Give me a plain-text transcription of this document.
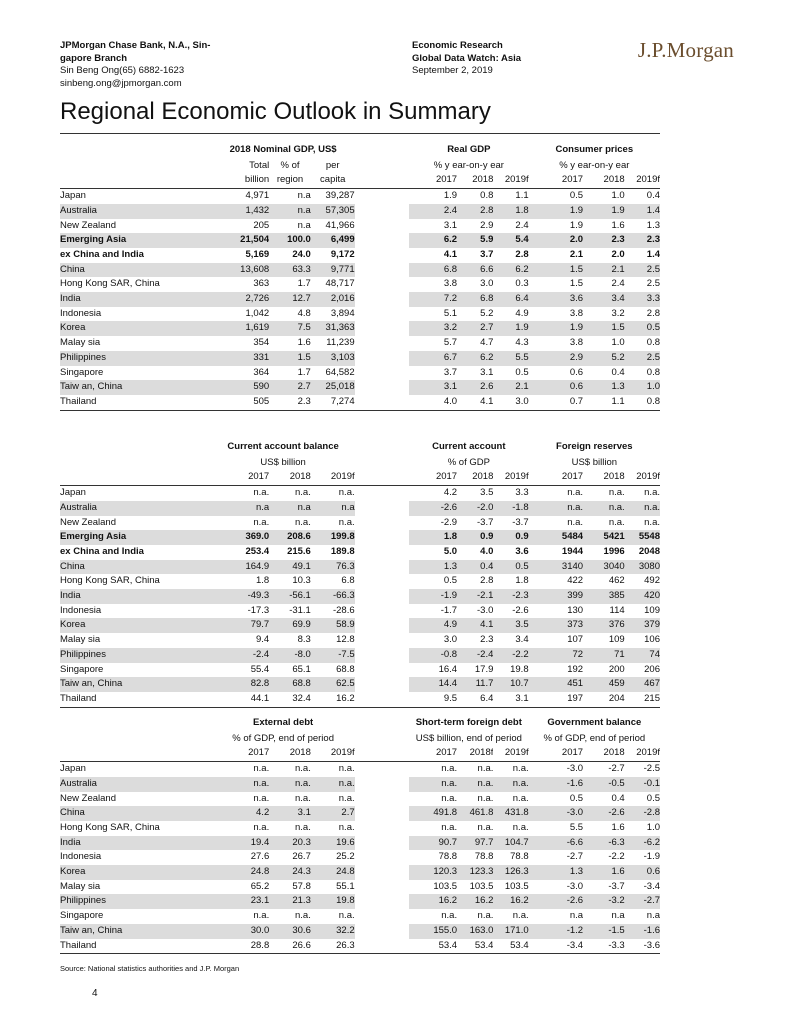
JPMorgan Chase Bank, N.A., Sin-
gapore Branch
Sin Beng Ong(65) 6882-1623
sinbeng.ong@jpmorgan.com
Economic Research
Global Data Watch: Asia
September 2, 2019
J.P.Morgan
Regional Economic Outlook in Summary
	2018 Nominal GDP, US$				Real GDP			Consumer prices		
	Total	% of	per		% y ear-on-y ear			% y ear-on-y ear		
	billion	region	capita		2017	2018	2019f	2017	2018	2019f
Japan	4,971	n.a	39,287		1.9	0.8	1.1	0.5	1.0	0.4
Australia	1,432	n.a	57,305		2.4	2.8	1.8	1.9	1.9	1.4
New Zealand	205	n.a	41,966		3.1	2.9	2.4	1.9	1.6	1.3
Emerging Asia	21,504	100.0	6,499		6.2	5.9	5.4	2.0	2.3	2.3
ex China and India	5,169	24.0	9,172		4.1	3.7	2.8	2.1	2.0	1.4
China	13,608	63.3	9,771		6.8	6.6	6.2	1.5	2.1	2.5
Hong Kong SAR, China	363	1.7	48,717		3.8	3.0	0.3	1.5	2.4	2.5
India	2,726	12.7	2,016		7.2	6.8	6.4	3.6	3.4	3.3
Indonesia	1,042	4.8	3,894		5.1	5.2	4.9	3.8	3.2	2.8
Korea	1,619	7.5	31,363		3.2	2.7	1.9	1.9	1.5	0.5
Malay sia	354	1.6	11,239		5.7	4.7	4.3	3.8	1.0	0.8
Philippines	331	1.5	3,103		6.7	6.2	5.5	2.9	5.2	2.5
Singapore	364	1.7	64,582		3.7	3.1	0.5	0.6	0.4	0.8
Taiw an, China	590	2.7	25,018		3.1	2.6	2.1	0.6	1.3	1.0
Thailand	505	2.3	7,274		4.0	4.1	3.0	0.7	1.1	0.8
	Current account balance				Current account			Foreign reserves		
	US$ billion				% of GDP			US$ billion		
	2017	2018	2019f		2017	2018	2019f	2017	2018	2019f
Japan	n.a.	n.a.	n.a.		4.2	3.5	3.3	n.a.	n.a.	n.a.
Australia	n.a	n.a	n.a		-2.6	-2.0	-1.8	n.a.	n.a.	n.a.
New Zealand	n.a.	n.a.	n.a.		-2.9	-3.7	-3.7	n.a.	n.a.	n.a.
Emerging Asia	369.0	208.6	199.8		1.8	0.9	0.9	5484	5421	5548
ex China and India	253.4	215.6	189.8		5.0	4.0	3.6	1944	1996	2048
China	164.9	49.1	76.3		1.3	0.4	0.5	3140	3040	3080
Hong Kong SAR, China	1.8	10.3	6.8		0.5	2.8	1.8	422	462	492
India	-49.3	-56.1	-66.3		-1.9	-2.1	-2.3	399	385	420
Indonesia	-17.3	-31.1	-28.6		-1.7	-3.0	-2.6	130	114	109
Korea	79.7	69.9	58.9		4.9	4.1	3.5	373	376	379
Malay sia	9.4	8.3	12.8		3.0	2.3	3.4	107	109	106
Philippines	-2.4	-8.0	-7.5		-0.8	-2.4	-2.2	72	71	74
Singapore	55.4	65.1	68.8		16.4	17.9	19.8	192	200	206
Taiw an, China	82.8	68.8	62.5		14.4	11.7	10.7	451	459	467
Thailand	44.1	32.4	16.2		9.5	6.4	3.1	197	204	215
	External debt				Short-term foreign debt			Government balance		
	% of GDP, end of period				US$ billion, end of period			% of GDP, end of period		
	2017	2018	2019f		2017	2018f	2019f	2017	2018	2019f
Japan	n.a.	n.a.	n.a.		n.a.	n.a.	n.a.	-3.0	-2.7	-2.5
Australia	n.a.	n.a.	n.a.		n.a.	n.a.	n.a.	-1.6	-0.5	-0.1
New Zealand	n.a.	n.a.	n.a.		n.a.	n.a.	n.a.	0.5	0.4	0.5
China	4.2	3.1	2.7		491.8	461.8	431.8	-3.0	-2.6	-2.8
Hong Kong SAR, China	n.a.	n.a.	n.a.		n.a.	n.a.	n.a.	5.5	1.6	1.0
India	19.4	20.3	19.6		90.7	97.7	104.7	-6.6	-6.3	-6.2
Indonesia	27.6	26.7	25.2		78.8	78.8	78.8	-2.7	-2.2	-1.9
Korea	24.8	24.3	24.8		120.3	123.3	126.3	1.3	1.6	0.6
Malay sia	65.2	57.8	55.1		103.5	103.5	103.5	-3.0	-3.7	-3.4
Philippines	23.1	21.3	19.8		16.2	16.2	16.2	-2.6	-3.2	-2.7
Singapore	n.a.	n.a.	n.a.		n.a.	n.a.	n.a.	n.a	n.a	n.a
Taiw an, China	30.0	30.6	32.2		155.0	163.0	171.0	-1.2	-1.5	-1.6
Thailand	28.8	26.6	26.3		53.4	53.4	53.4	-3.4	-3.3	-3.6
Source: National statistics authorities and J.P. Morgan
4
